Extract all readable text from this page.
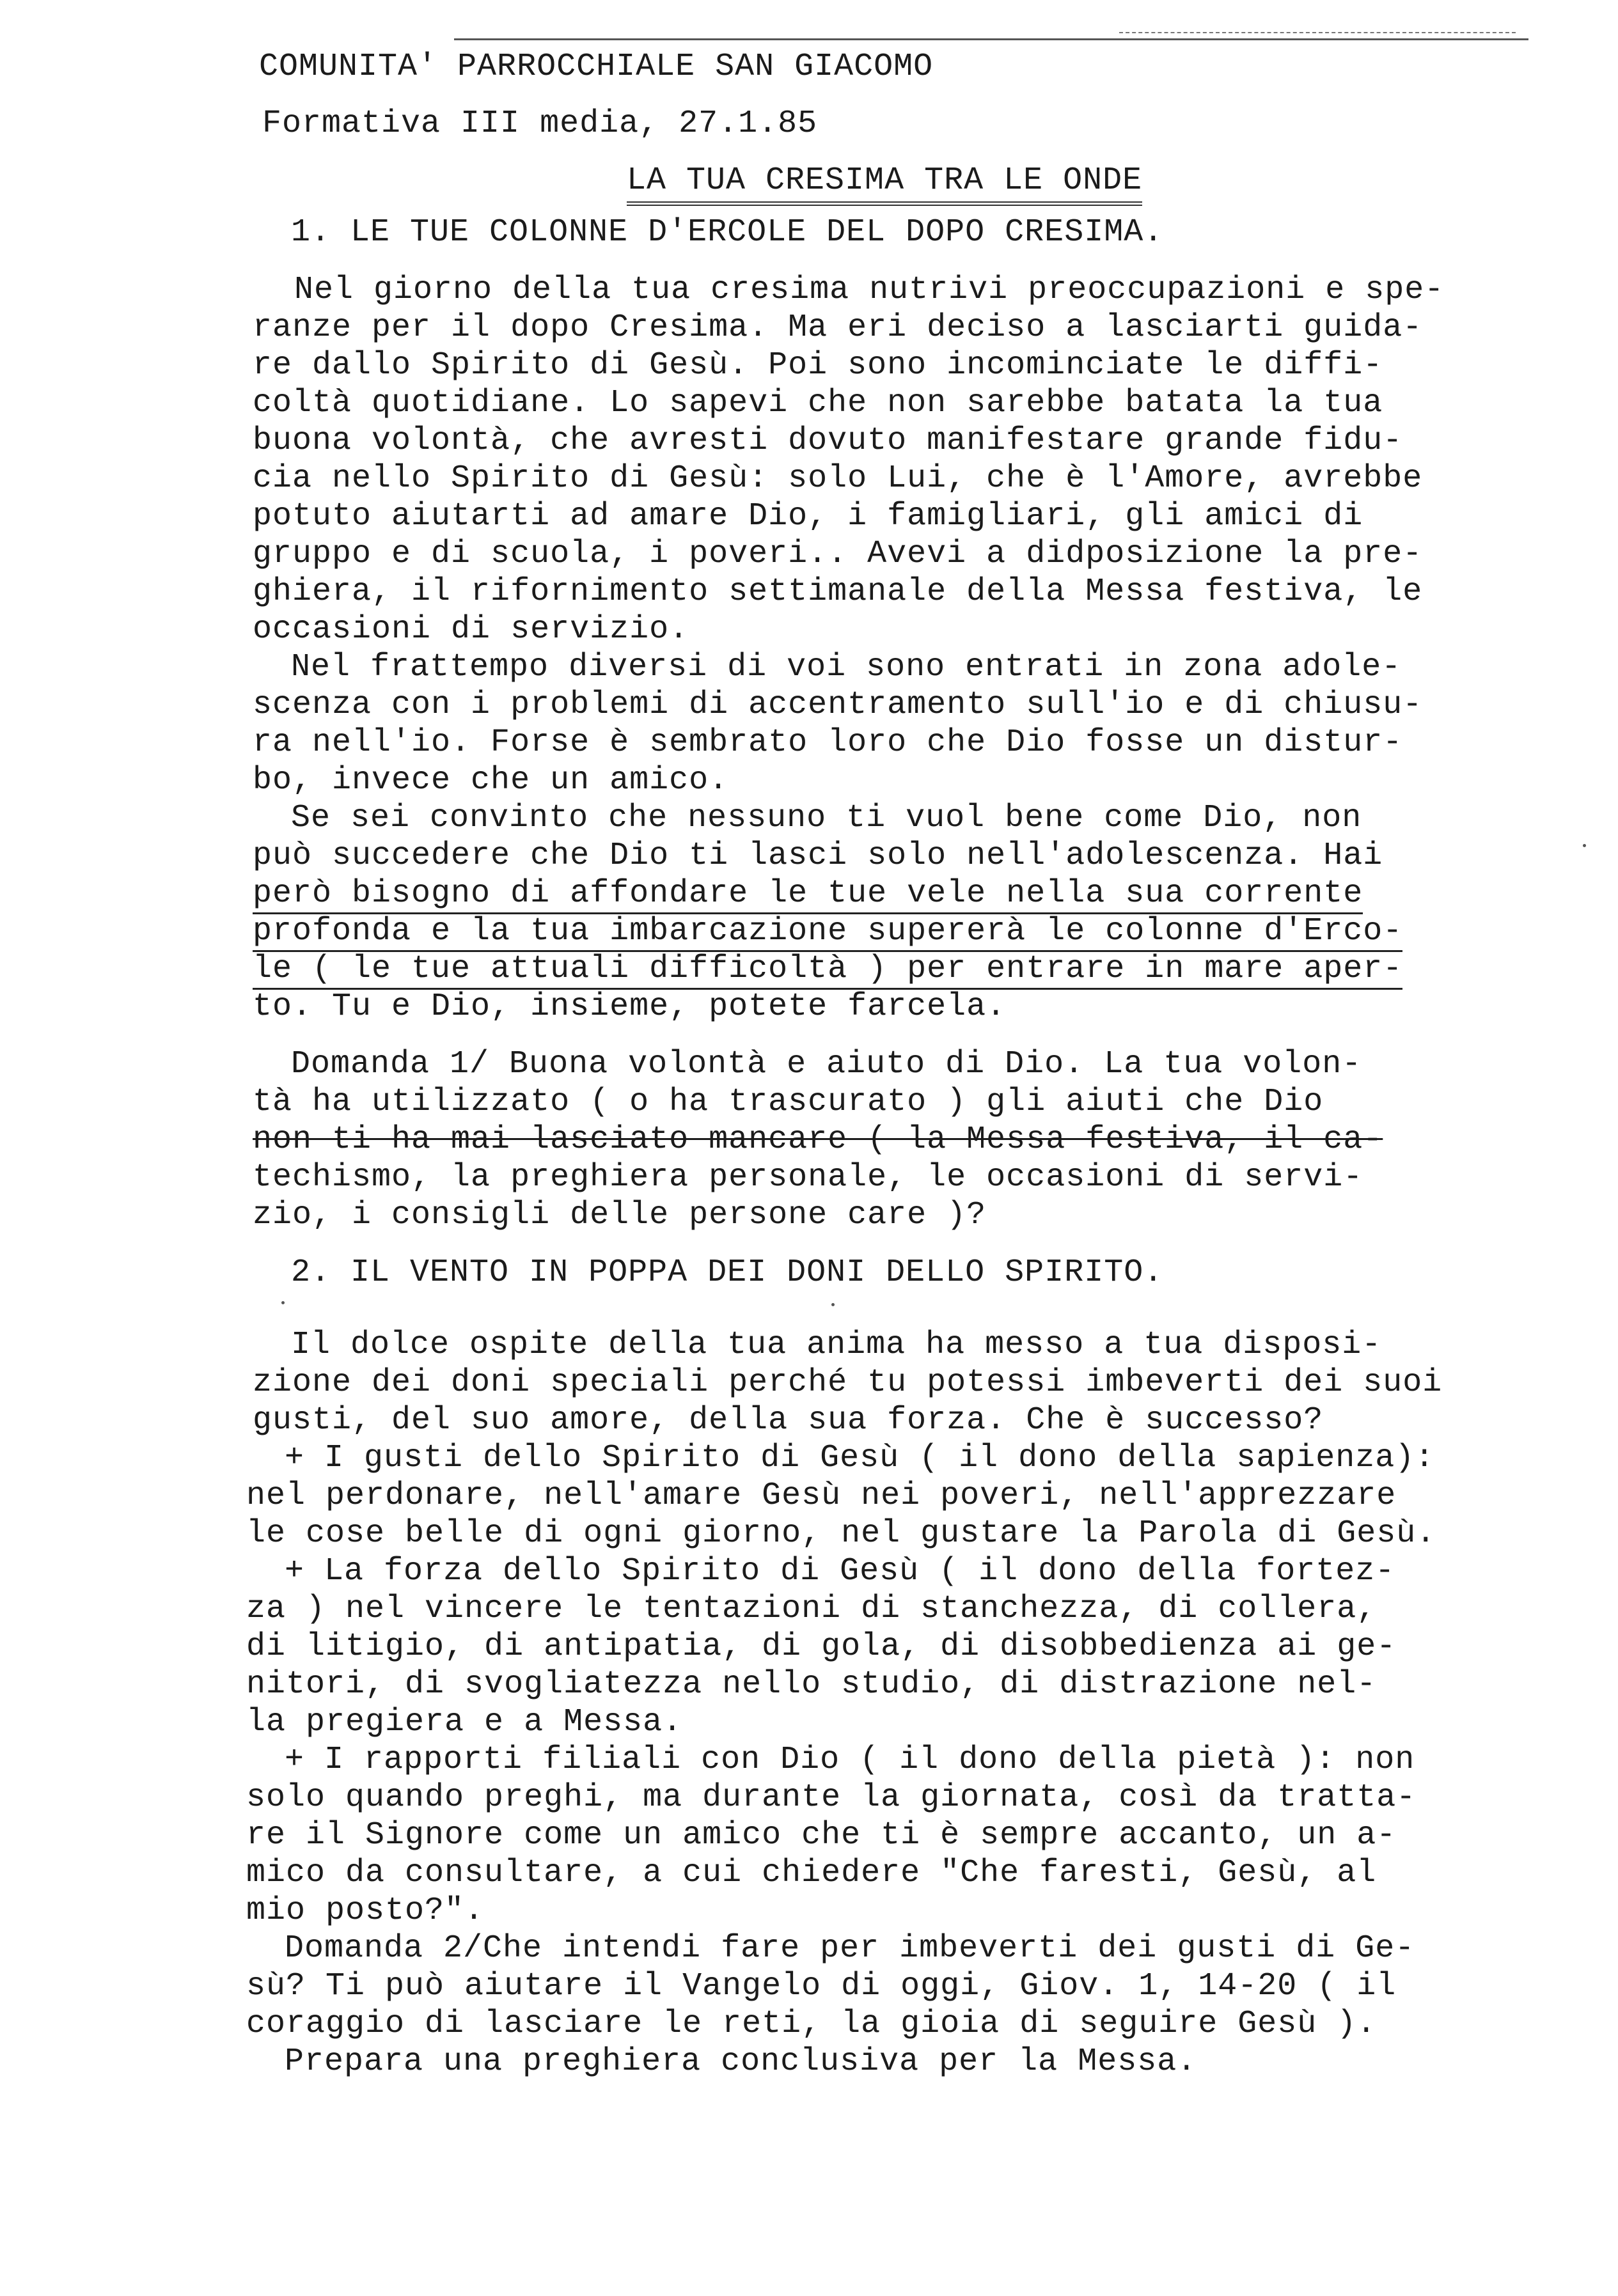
COMUNITA' PARROCCHIALE SAN GIACOMO
Formativa III media, 27.1.85
LA TUA CRESIMA TRA LE ONDE
1. LE TUE COLONNE D'ERCOLE DEL DOPO CRESIMA.
Nel giorno della tua cresima nutrivi preoccupazioni e spe-
ranze per il dopo Cresima. Ma eri deciso a lasciarti guida-
re dallo Spirito di Gesù. Poi sono incominciate le diffi-
coltà quotidiane. Lo sapevi che non sarebbe batata la tua
buona volontà, che avresti dovuto manifestare grande fidu-
cia nello Spirito di Gesù: solo Lui, che è l'Amore, avrebbe
potuto aiutarti ad amare Dio, i famigliari, gli amici di
gruppo e di scuola, i poveri.. Avevi a didposizione la pre-
ghiera, il rifornimento settimanale della Messa festiva, le
occasioni di servizio.
Nel frattempo diversi di voi sono entrati in zona adole-
scenza con i problemi di accentramento sull'io e di chiusu-
ra nell'io. Forse è sembrato loro che Dio fosse un distur-
bo, invece che un amico.
Se sei convinto che nessuno ti vuol bene come Dio, non
può succedere che Dio ti lasci solo nell'adolescenza. Hai
però bisogno di affondare le tue vele nella sua corrente
profonda e la tua imbarcazione supererà le colonne d'Erco-
le ( le tue attuali difficoltà ) per entrare in mare aper-
to. Tu e Dio, insieme, potete farcela.
Domanda 1/ Buona volontà e aiuto di Dio. La tua volon-
tà ha utilizzato ( o ha trascurato ) gli aiuti che Dio
non ti ha mai lasciato mancare ( la Messa festiva, il ca-
techismo, la preghiera personale, le occasioni di servi-
zio, i consigli delle persone care )?
2. IL VENTO IN POPPA DEI DONI DELLO SPIRITO.
Il dolce ospite della tua anima ha messo a tua disposi-
zione dei doni speciali perché tu potessi imbeverti dei suoi
gusti, del suo amore, della sua forza. Che è successo?
+ I gusti dello Spirito di Gesù ( il dono della sapienza):
nel perdonare, nell'amare Gesù nei poveri, nell'apprezzare
le cose belle di ogni giorno, nel gustare la Parola di Gesù.
+ La forza dello Spirito di Gesù ( il dono della fortez-
za ) nel vincere le tentazioni di stanchezza, di collera,
di litigio, di antipatia, di gola, di disobbedienza ai ge-
nitori, di svogliatezza nello studio, di distrazione nel-
la pregiera e a Messa.
+ I rapporti filiali con Dio ( il dono della pietà ): non
solo quando preghi, ma durante la giornata, così da tratta-
re il Signore come un amico che ti è sempre accanto, un a-
mico da consultare, a cui chiedere "Che faresti, Gesù, al
mio posto?".
Domanda 2/Che intendi fare per imbeverti dei gusti di Ge-
sù? Ti può aiutare il Vangelo di oggi, Giov. 1, 14-20 ( il
coraggio di lasciare le reti, la gioia di seguire Gesù ).
Prepara una preghiera conclusiva per la Messa.
